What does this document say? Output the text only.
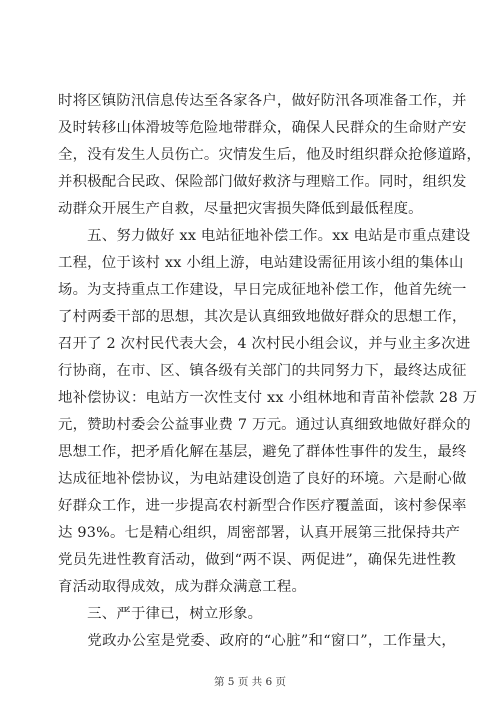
时将区镇防汛信息传达至各家各户，做好防汛各项准备工作，并
及时转移山体滑坡等危险地带群众，确保人民群众的生命财产安
全，没有发生人员伤亡。灾情发生后，他及时组织群众抢修道路，
并积极配合民政、保险部门做好救济与理赔工作。同时，组织发
动群众开展生产自救，尽量把灾害损失降低到最低程度。
　　五、努力做好 xx 电站征地补偿工作。xx 电站是市重点建设
工程，位于该村 xx 小组上游，电站建设需征用该小组的集体山
场。为支持重点工作建设，早日完成征地补偿工作，他首先统一
了村两委干部的思想，其次是认真细致地做好群众的思想工作，
召开了 2 次村民代表大会，4 次村民小组会议，并与业主多次进
行协商，在市、区、镇各级有关部门的共同努力下，最终达成征
地补偿协议：电站方一次性支付 xx 小组林地和青苗补偿款 28 万
元，赞助村委会公益事业费 7 万元。通过认真细致地做好群众的
思想工作，把矛盾化解在基层，避免了群体性事件的发生，最终
达成征地补偿协议，为电站建设创造了良好的环境。六是耐心做
好群众工作，进一步提高农村新型合作医疗覆盖面，该村参保率
达 93%。七是精心组织，周密部署，认真开展第三批保持共产
党员先进性教育活动，做到“两不误、两促进”，确保先进性教
育活动取得成效，成为群众满意工程。
　　三、严于律已，树立形象。
　　党政办公室是党委、政府的“心脏”和“窗口”，工作量大，
第 5 页 共 6 页
